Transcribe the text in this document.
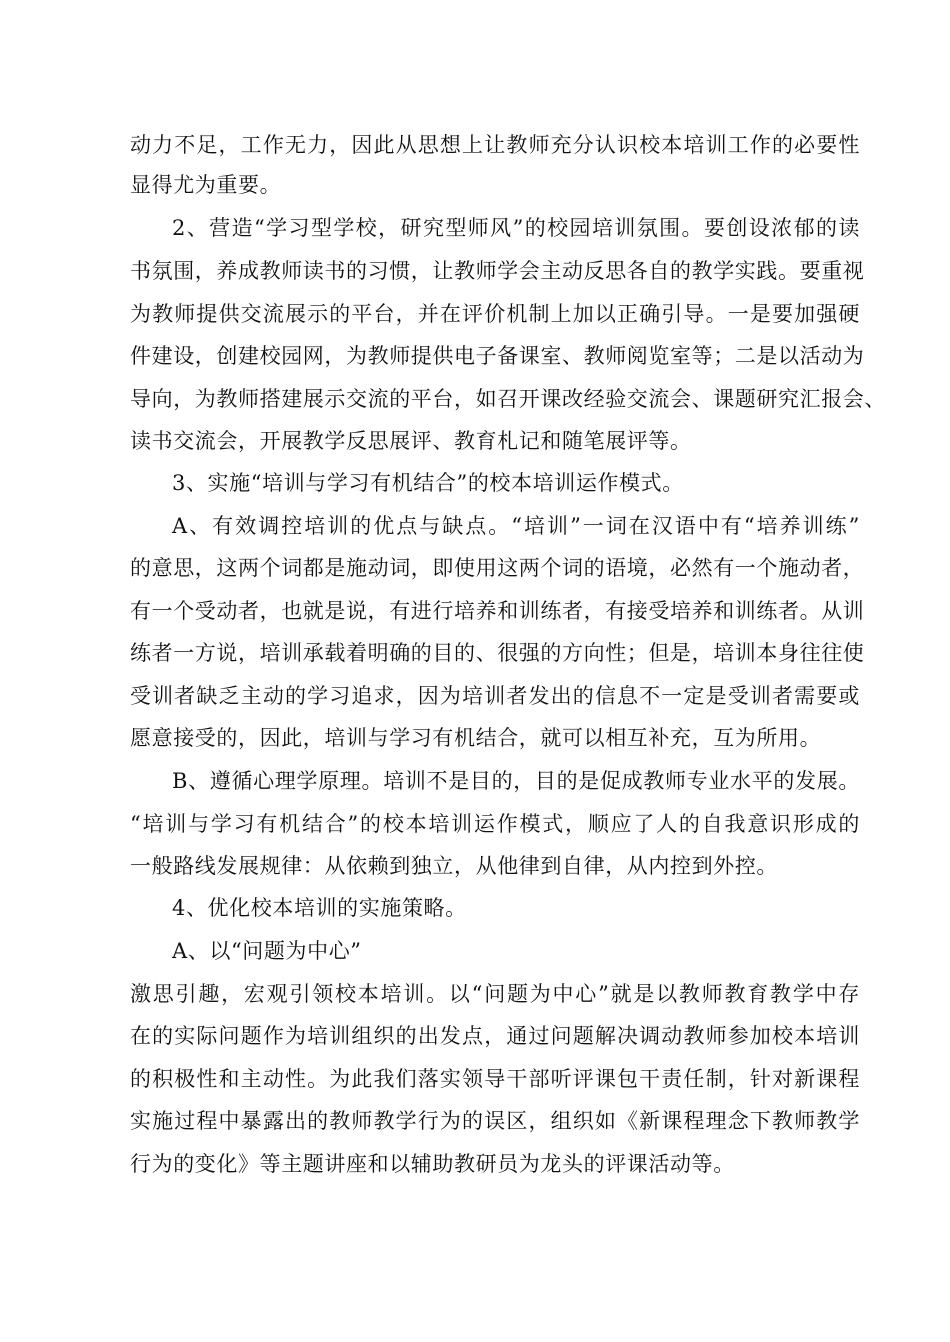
动力不足，工作无力，因此从思想上让教师充分认识校本培训工作的必要性
显得尤为重要。
2、营造“学习型学校，研究型师风”的校园培训氛围。要创设浓郁的读
书氛围，养成教师读书的习惯，让教师学会主动反思各自的教学实践。要重视
为教师提供交流展示的平台，并在评价机制上加以正确引导。一是要加强硬
件建设，创建校园网，为教师提供电子备课室、教师阅览室等；二是以活动为
导向，为教师搭建展示交流的平台，如召开课改经验交流会、课题研究汇报会、
读书交流会，开展教学反思展评、教育札记和随笔展评等。
3、实施“培训与学习有机结合”的校本培训运作模式。
A、有效调控培训的优点与缺点。“培训”一词在汉语中有“培养训练”
的意思，这两个词都是施动词，即使用这两个词的语境，必然有一个施动者，
有一个受动者，也就是说，有进行培养和训练者，有接受培养和训练者。从训
练者一方说，培训承载着明确的目的、很强的方向性；但是，培训本身往往使
受训者缺乏主动的学习追求，因为培训者发出的信息不一定是受训者需要或
愿意接受的，因此，培训与学习有机结合，就可以相互补充，互为所用。
B、遵循心理学原理。培训不是目的，目的是促成教师专业水平的发展。
“培训与学习有机结合”的校本培训运作模式，顺应了人的自我意识形成的
一般路线发展规律：从依赖到独立，从他律到自律，从内控到外控。
4、优化校本培训的实施策略。
A、以“问题为中心”
激思引趣，宏观引领校本培训。以“问题为中心”就是以教师教育教学中存
在的实际问题作为培训组织的出发点，通过问题解决调动教师参加校本培训
的积极性和主动性。为此我们落实领导干部听评课包干责任制，针对新课程
实施过程中暴露出的教师教学行为的误区，组织如《新课程理念下教师教学
行为的变化》等主题讲座和以辅助教研员为龙头的评课活动等。
